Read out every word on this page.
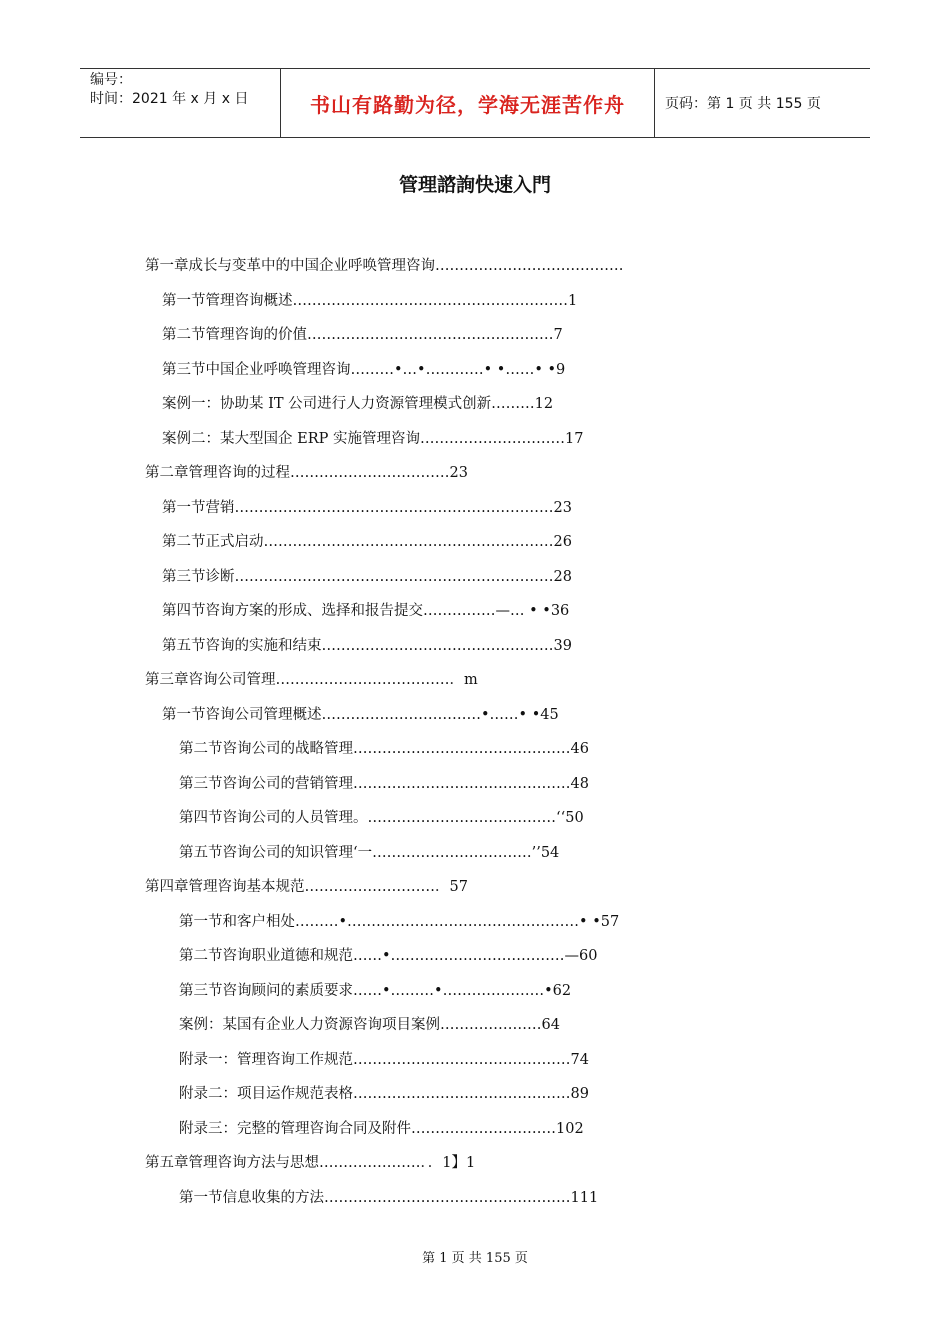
编号：
时间：2021 年 x 月 x 日	书山有路勤为径，学海无涯苦作舟	页码：第 1 页 共 155 页
管理諮詢快速入門
第一章成长与变革中的中国企业呼唤管理咨询…………………………………
第一节管理咨询概述…………………………………………………1
第二节管理咨询的价值……………………………………………7
第三节中国企业呼唤管理咨询………•…•…………• •……• •9
案例一：协助某 IT 公司进行人力资源管理模式创新………12
案例二：某大型国企 ERP 实施管理咨询…………………………17
第二章管理咨询的过程……………………………23
第一节营销…………………………………………………………23
第二节正式启动……………………………………………………26
第三节诊断…………………………………………………………28
第四节咨询方案的形成、选择和报告提交……………—… • •36
第五节咨询的实施和结束…………………………………………39
第三章咨询公司管理………………………………．m
第一节咨询公司管理概述……………………………•……• •45
第二节咨询公司的战略管理………………………………………46
第三节咨询公司的营销管理………………………………………48
第四节咨询公司的人员管理。…………………………………‘‘50
第五节咨询公司的知识管理‘一……………………………’’54
第四章管理咨询基本规范………………………．57
第一节和客户相处………•…………………………………………• •57
第二节咨询职业道德和规范……•………………………………—60
第三节咨询顾问的素质要求……•………•…………………•62
案例：某国有企业人力资源咨询项目案例…………………64
附录一：管理咨询工作规范………………………………………74
附录二：项目运作规范表格………………………………………89
附录三：完整的管理咨询合同及附件…………………………102
第五章管理咨询方法与思想…………………．．1】1
第一节信息收集的方法……………………………………………111
第 1 页 共 155 页
